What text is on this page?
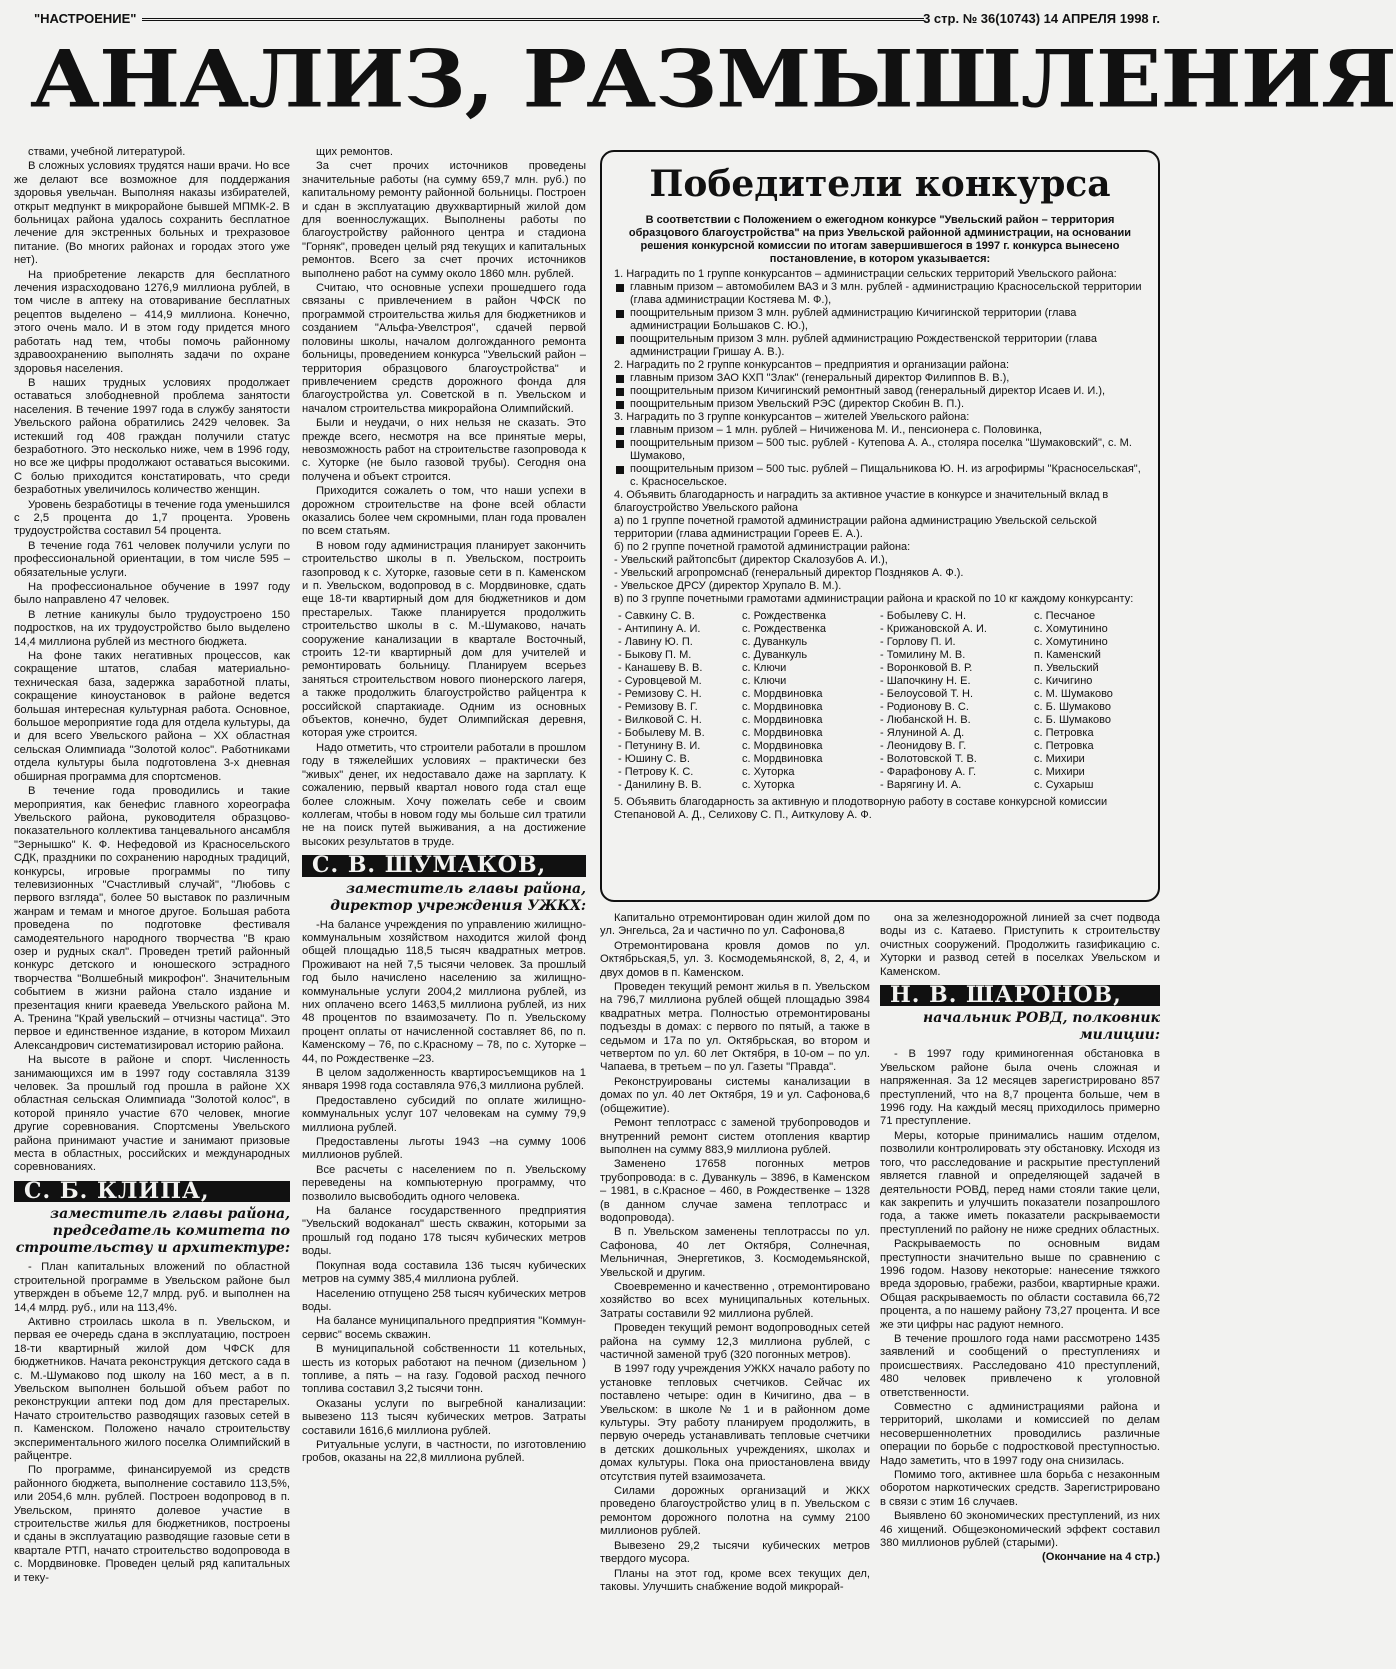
"НАСТРОЕНИЕ"	3 стр. № 36(10743) 14 АПРЕЛЯ 1998 г.
АНАЛИЗ, РАЗМЫШЛЕНИЯ

ствами, учебной литературой.

В сложных условиях трудятся наши врачи. Но все же делают все возможное для поддержания здоровья увельчан. Выполняя наказы избирателей, открыт медпункт в микрорайоне бывшей МПМК-2. В больницах района удалось сохранить бесплатное лечение для экстренных больных и трехразовое питание. (Во многих районах и городах этого уже нет).

На приобретение лекарств для бесплатного лечения израсходовано 1276,9 миллиона рублей, в том числе в аптеку на отоваривание бесплатных рецептов выделено – 414,9 миллиона. Конечно, этого очень мало. И в этом году придется много работать над тем, чтобы помочь районному здравоохранению выполнять задачи по охране здоровья населения.

В наших трудных условиях продолжает оставаться злободневной проблема занятости населения. В течение 1997 года в службу занятости Увельского района обратились 2429 человек. За истекший год 408 граждан получили статус безработного. Это несколько ниже, чем в 1996 году, но все же цифры продолжают оставаться высокими. С болью приходится констатировать, что среди безработных увеличилось количество женщин.

Уровень безработицы в течение года уменьшился с 2,5 процента до 1,7 процента. Уровень трудоустройства составил 54 процента.

В течение года 761 человек получили услуги по профессиональной ориентации, в том числе 595 – обязательные услуги.

На профессиональное обучение в 1997 году было направлено 47 человек.

В летние каникулы было трудоустроено 150 подростков, на их трудоустройство было выделено 14,4 миллиона рублей из местного бюджета.

На фоне таких негативных процессов, как сокращение штатов, слабая материально-техническая база, задержка заработной платы, сокращение киноустановок в районе ведется большая интересная культурная работа. Основное, большое мероприятие года для отдела культуры, да и для всего Увельского района – XX областная сельская Олимпиада "Золотой колос". Работниками отдела культуры была подготовлена 3-х дневная обширная программа для спортсменов.

В течение года проводились и такие мероприятия, как бенефис главного хореографа Увельского района, руководителя образцово-показательного коллектива танцевального ансамбля "Зернышко" К. Ф. Нефедовой из Красносельского СДК, праздники по сохранению народных традиций, конкурсы, игровые программы по типу телевизионных "Счастливый случай", "Любовь с первого взгляда", более 50 выставок по различным жанрам и темам и многое другое. Большая работа проведена по подготовке фестиваля самодеятельного народного творчества "В краю озер и рудных скал". Проведен третий районный конкурс детского и юношеского эстрадного творчества "Волшебный микрофон". Значительным событием в жизни района стало издание и презентация книги краеведа Увельского района М. А. Тренина "Край увельский – отчизны частица". Это первое и единственное издание, в котором Михаил Александрович систематизировал историю района.

На высоте в районе и спорт. Численность занимающихся им в 1997 году составляла 3139 человек. За прошлый год прошла в районе XX областная сельская Олимпиада "Золотой колос", в которой приняло участие 670 человек, многие другие соревнования. Спортсмены Увельского района принимают участие и занимают призовые места в областных, российских и международных соревнованиях.

С. Б. КЛИПА,
заместитель главы района, председатель комитета по строительству и архитектуре:

- План капитальных вложений по областной строительной программе в Увельском районе был утвержден в объеме 12,7 млрд. руб. и выполнен на 14,4 млрд. руб., или на 113,4%.

Активно строилась школа в п. Увельском, и первая ее очередь сдана в эксплуатацию, построен 18-ти квартирный жилой дом ЧФСК для бюджетников. Начата реконструкция детского сада в с. М.-Шумаково под школу на 160 мест, а в п. Увельском выполнен большой объем работ по реконструкции аптеки под дом для престарелых. Начато строительство разводящих газовых сетей в п. Каменском. Положено начало строительству экспериментального жилого поселка Олимпийский в райцентре.

По программе, финансируемой из средств районного бюджета, выполнение составило 113,5%, или 2054,6 млн. рублей. Построен водопровод в п. Увельском, принято долевое участие в строительстве жилья для бюджетников, построены и сданы в эксплуатацию разводящие газовые сети в квартале РТП, начато строительство водопровода в с. Мордвиновке. Проведен целый ряд капитальных и теку-

щих ремонтов.

За счет прочих источников проведены значительные работы (на сумму 659,7 млн. руб.) по капитальному ремонту районной больницы. Построен и сдан в эксплуатацию двухквартирный жилой дом для военнослужащих. Выполнены работы по благоустройству районного центра и стадиона "Горняк", проведен целый ряд текущих и капитальных ремонтов. Всего за счет прочих источников выполнено работ на сумму около 1860 млн. рублей.

Считаю, что основные успехи прошедшего года связаны с привлечением в район ЧФСК по программой строительства жилья для бюджетников и созданием "Альфа-Увелстроя", сдачей первой половины школы, началом долгожданного ремонта больницы, проведением конкурса "Увельский район – территория образцового благоустройства" и привлечением средств дорожного фонда для благоустройства ул. Советской в п. Увельском и началом строительства микрорайона Олимпийский.

Были и неудачи, о них нельзя не сказать. Это прежде всего, несмотря на все принятые меры, невозможность работ на строительстве газопровода к с. Хуторке (не было газовой трубы). Сегодня она получена и объект строится.

Приходится сожалеть о том, что наши успехи в дорожном строительстве на фоне всей области оказались более чем скромными, план года провален по всем статьям.

В новом году администрация планирует закончить строительство школы в п. Увельском, построить газопровод к с. Хуторке, газовые сети в п. Каменском и п. Увельском, водопровод в с. Мордвиновке, сдать еще 18-ти квартирный дом для бюджетников и дом престарелых. Также планируется продолжить строительство школы в с. М.-Шумаково, начать сооружение канализации в квартале Восточный, строить 12-ти квартирный дом для учителей и ремонтировать больницу. Планируем всерьез заняться строительством нового пионерского лагеря, а также продолжить благоустройство райцентра к российской спартакиаде. Одним из основных объектов, конечно, будет Олимпийская деревня, которая уже строится.

Надо отметить, что строители работали в прошлом году в тяжелейших условиях – практически без "живых" денег, их недоставало даже на зарплату. К сожалению, первый квартал нового года стал еще более сложным. Хочу пожелать себе и своим коллегам, чтобы в новом году мы больше сил тратили не на поиск путей выживания, а на достижение высоких результатов в труде.

С. В. ШУМАКОВ,
заместитель главы района, директор учреждения УЖКХ:

-На балансе учреждения по управлению жилищно-коммунальным хозяйством находится жилой фонд общей площадью 118,5 тысяч квадратных метров. Проживают на ней 7,5 тысячи человек. За прошлый год было начислено населению за жилищно-коммунальные услуги 2004,2 миллиона рублей, из них оплачено всего 1463,5 миллиона рублей, из них 48 процентов по взаимозачету. По п. Увельскому процент оплаты от начисленной составляет 86, по п. Каменскому – 76, по с.Красному – 78, по с. Хуторке – 44, по Рождественке –23.

В целом задолженность квартиросъемщиков на 1 января 1998 года составляла 976,3 миллиона рублей.

Предоставлено субсидий по оплате жилищно-коммунальных услуг 107 человекам на сумму 79,9 миллиона рублей.

Предоставлены льготы 1943 –на сумму 1006 миллионов рублей.

Все расчеты с населением по п. Увельскому переведены на компьютерную программу, что позволило высвободить одного человека.

На балансе государственного предприятия "Увельский водоканал" шесть скважин, которыми за прошлый год подано 178 тысяч кубических метров воды.

Покупная вода составила 136 тысяч кубических метров на сумму 385,4 миллиона рублей.

Населению отпущено 258 тысяч кубических метров воды.

На балансе муниципального предприятия "Коммун-сервис" восемь скважин.

В муниципальной собственности 11 котельных, шесть из которых работают на печном (дизельном ) топливе, а пять – на газу. Годовой расход печного топлива составил 3,2 тысячи тонн.

Оказаны услуги по выгребной канализации: вывезено 113 тысяч кубических метров. Затраты составили 1616,6 миллиона рублей.

Ритуальные услуги, в частности, по изготовлению гробов, оказаны на 22,8 миллиона рублей.

Победители конкурса

В соответствии с Положением о ежегодном конкурсе "Увельский район – территория образцового благоустройства" на приз Увельской районной администрации, на основании решения конкурсной комиссии по итогам завершившегося в 1997 г. конкурса вынесено постановление, в котором указывается:

1. Наградить по 1 группе конкурсантов – администрации сельских территорий Увельского района:

главным призом – автомобилем ВАЗ и 3 млн. рублей - администрацию Красносельской территории (глава администрации Костяева М. Ф.),

поощрительным призом 3 млн. рублей администрацию Кичигинской территории (глава администрации Большаков С. Ю.),

поощрительным призом 3 млн. рублей администрацию Рождественской территории (глава администрации Гришау А. В.).

2. Наградить по 2 группе конкурсантов – предприятия и организации района:

главным призом ЗАО КХП "Злак" (генеральный директор Филиппов В. В.),

поощрительным призом Кичигинский ремонтный завод (генеральный директор Исаев И. И.),

поощрительным призом Увельский РЭС (директор Скобин В. П.).

3. Наградить по 3 группе конкурсантов – жителей Увельского района:

главным призом – 1 млн. рублей – Ничиженова М. И., пенсионера с. Половинка,

поощрительным призом – 500 тыс. рублей - Кутепова А. А., столяра поселка "Шумаковский", с. М. Шумаково,

поощрительным призом – 500 тыс. рублей – Пищальникова Ю. Н. из агрофирмы "Красносельская", с. Красносельское.

4. Объявить благодарность и наградить за активное участие в конкурсе и значительный вклад в благоустройство Увельского района

а) по 1 группе почетной грамотой администрации района администрацию Увельской сельской территории (глава администрации Гореев Е. А.).

б) по 2 группе почетной грамотой администрации района:

- Увельский райтопсбыт (директор Скалозубов А. И.),

- Увельский агропромснаб (генеральный директор Поздняков А. Ф.).

- Увельское ДРСУ (директор Хрупало В. М.).

в) по 3 группе почетными грамотами администрации района и краской по 10 кг каждому конкурсанту:

- Савкину С. В.	с. Рождественка	- Бобылеву С. Н.	с. Песчаное
- Антипину А. И.	с. Рождественка	- Крижановской А. И.	с. Хомутинино
- Лавину Ю. П.	с. Дуванкуль	- Горлову П. И.	с. Хомутинино
- Быкову П. М.	с. Дуванкуль	- Томилину М. В.	п. Каменский
- Канашеву В. В.	с. Ключи	- Воронковой В. Р.	п. Увельский
- Суровцевой М.	с. Ключи	- Шапочкину Н. Е.	с. Кичигино
- Ремизову С. Н.	с. Мордвиновка	- Белоусовой Т. Н.	с. М. Шумаково
- Ремизову В. Г.	с. Мордвиновка	- Родионову В. С.	с. Б. Шумаково
- Вилковой С. Н.	с. Мордвиновка	- Любанской Н. В.	с. Б. Шумаково
- Бобылеву М. В.	с. Мордвиновка	- Ялуниной А. Д.	с. Петровка
- Петунину В. И.	с. Мордвиновка	- Леонидову В. Г.	с. Петровка
- Юшину С. В.	с. Мордвиновка	- Волотовской Т. В.	с. Михири
- Петрову К. С.	с. Хуторка	- Фарафонову А. Г.	с. Михири
- Данилину В. В.	с. Хуторка	- Варягину И. А.	с. Сухарыш

5. Объявить благодарность за активную и плодотворную работу в составе конкурсной комиссии Степановой А. Д., Селихову С. П., Аиткулову А. Ф.

Капитально отремонтирован один жилой дом по ул. Энгельса, 2а и частично по ул. Сафонова,8

Отремонтирована кровля домов по ул. Октябрьская,5, ул. 3. Космодемьянской, 8, 2, 4, и двух домов в п. Каменском.

Проведен текущий ремонт жилья в п. Увельском на 796,7 миллиона рублей общей площадью 3984 квадратных метра. Полностью отремонтированы подъезды в домах: с первого по пятый, а также в седьмом и 17а по ул. Октябрьская, во втором и четвертом по ул. 60 лет Октября, в 10-ом – по ул. Чапаева, в третьем – по ул. Газеты "Правда".

Реконструированы системы канализации в домах по ул. 40 лет Октября, 19 и ул. Сафонова,6 (общежитие).

Ремонт теплотрасс с заменой трубопроводов и внутренний ремонт систем отопления квартир выполнен на сумму 883,9 миллиона рублей.

Заменено 17658 погонных метров трубопровода: в с. Дуванкуль – 3896, в Каменском – 1981, в с.Красное – 460, в Рождественке – 1328 (в данном случае замена теплотрасс и водопровода).

В п. Увельском заменены теплотрассы по ул. Сафонова, 40 лет Октября, Солнечная, Мельничная, Энергетиков, 3. Космодемьянской, Увельской и другим.

Своевременно и качественно , отремонтировано хозяйство во всех муниципальных котельных. Затраты составили 92 миллиона рублей.

Проведен текущий ремонт водопроводных сетей района на сумму 12,3 миллиона рублей, с частичной заменой труб (320 погонных метров).

В 1997 году учреждения УЖКХ начало работу по установке тепловых счетчиков. Сейчас их поставлено четыре: один в Кичигино, два – в Увельском: в школе № 1 и в районном доме культуры. Эту работу планируем продолжить, в первую очередь устанавливать тепловые счетчики в детских дошкольных учреждениях, школах и домах культуры. Пока она приостановлена ввиду отсутствия путей взаимозачета.

Силами дорожных организаций и ЖКХ проведено благоустройство улиц в п. Увельском с ремонтом дорожного полотна на сумму 2100 миллионов рублей.

Вывезено 29,2 тысячи кубических метров твердого мусора.

Планы на этот год, кроме всех текущих дел, таковы. Улучшить снабжение водой микрорай-

она за железнодорожной линией за счет подвода воды из с. Катаево. Приступить к строительству очистных сооружений. Продолжить газификацию с. Хуторки и развод сетей в поселках Увельском и Каменском.

Н. В. ШАРОНОВ,
начальник РОВД, полковник милиции:

- В 1997 году криминогенная обстановка в Увельском районе была очень сложная и напряженная. За 12 месяцев зарегистрировано 857 преступлений, что на 8,7 процента больше, чем в 1996 году. На каждый месяц приходилось примерно 71 преступление.

Меры, которые принимались нашим отделом, позволили контролировать эту обстановку. Исходя из того, что расследование и раскрытие преступлений является главной и определяющей задачей в деятельности РОВД, перед нами стояли такие цели, как закрепить и улучшить показатели позапрошлого года, а также иметь показатели раскрываемости преступлений по району не ниже средних областных.

Раскрываемость по основным видам преступности значительно выше по сравнению с 1996 годом. Назову некоторые: нанесение тяжкого вреда здоровью, грабежи, разбои, квартирные кражи. Общая раскрываемость по области составила 66,72 процента, а по нашему району 73,27 процента. И все же эти цифры нас радуют немного.

В течение прошлого года нами рассмотрено 1435 заявлений и сообщений о преступлениях и происшествиях. Расследовано 410 преступлений, 480 человек привлечено к уголовной ответственности.

Совместно с администрациями района и территорий, школами и комиссией по делам несовершеннолетних проводились различные операции по борьбе с подростковой преступностью. Надо заметить, что в 1997 году она снизилась.

Помимо того, активнее шла борьба с незаконным оборотом наркотических средств. Зарегистрировано в связи с этим 16 случаев.

Выявлено 60 экономических преступлений, из них 46 хищений. Общеэкономический эффект составил 380 миллионов рублей (старыми).

(Окончание на 4 стр.)
